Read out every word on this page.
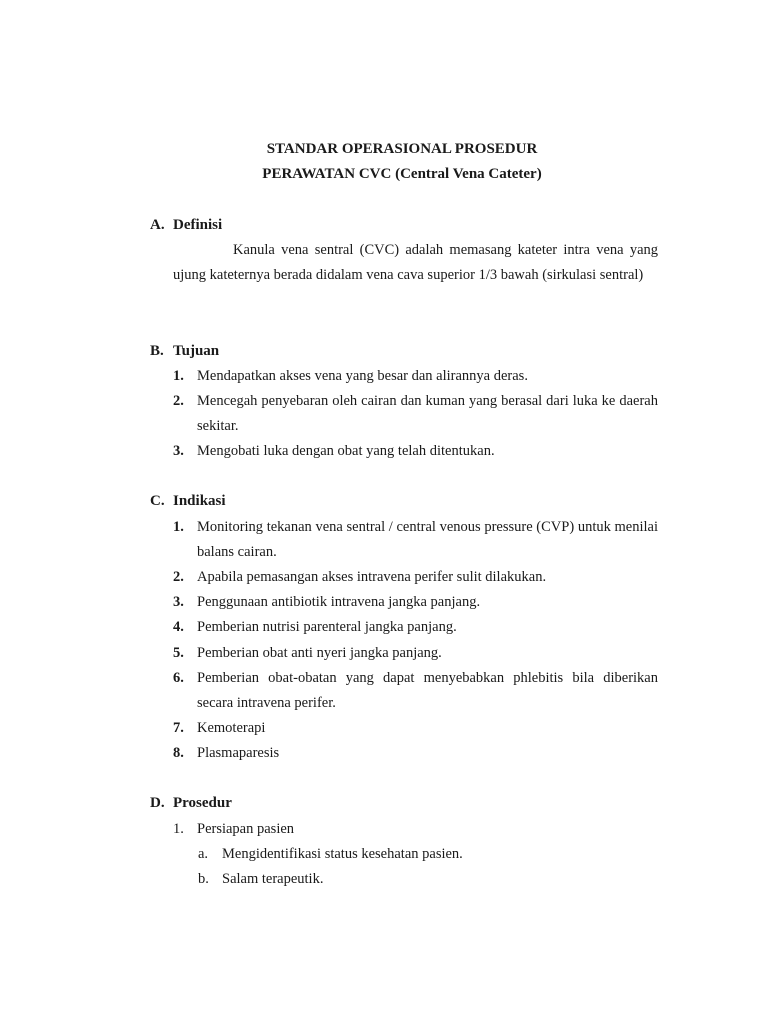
STANDAR OPERASIONAL PROSEDUR

PERAWATAN CVC (Central Vena Cateter)

A. Definisi

Kanula vena sentral (CVC) adalah memasang kateter intra vena yang ujung kateternya berada didalam vena cava superior 1/3 bawah (sirkulasi sentral)

B. Tujuan

1. Mendapatkan akses vena yang besar dan alirannya deras.
2. Mencegah penyebaran oleh cairan dan kuman yang berasal dari luka ke daerah sekitar.
3. Mengobati luka dengan obat yang telah ditentukan.

C. Indikasi

1. Monitoring tekanan vena sentral / central venous pressure (CVP) untuk menilai balans cairan.
2. Apabila pemasangan akses intravena perifer sulit dilakukan.
3. Penggunaan antibiotik intravena jangka panjang.
4. Pemberian nutrisi parenteral jangka panjang.
5. Pemberian obat anti nyeri jangka panjang.
6. Pemberian obat-obatan yang dapat menyebabkan phlebitis bila diberikan secara intravena perifer.
7. Kemoterapi
8. Plasmaparesis

D. Prosedur

1. Persiapan pasien
a. Mengidentifikasi status kesehatan pasien.
b. Salam terapeutik.
